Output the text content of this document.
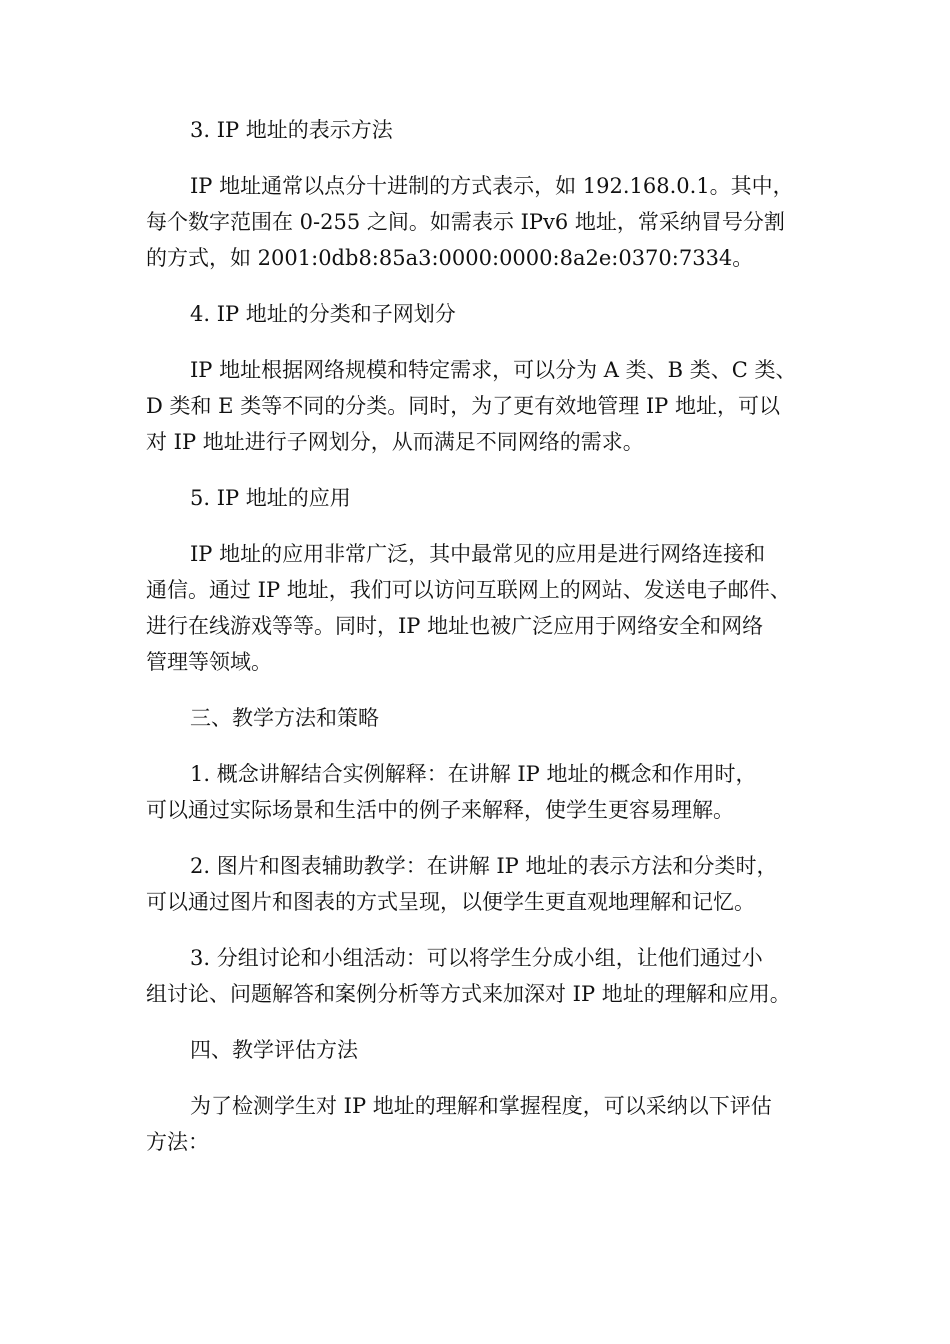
3. IP 地址的表示方法
IP 地址通常以点分十进制的方式表示，如 192.168.0.1。其中，
每个数字范围在 0-255 之间。如需表示 IPv6 地址，常采纳冒号分割
的方式，如 2001:0db8:85a3:0000:0000:8a2e:0370:7334。
4. IP 地址的分类和子网划分
IP 地址根据网络规模和特定需求，可以分为 A 类、B 类、C 类、
D 类和 E 类等不同的分类。同时，为了更有效地管理 IP 地址，可以
对 IP 地址进行子网划分，从而满足不同网络的需求。
5. IP 地址的应用
IP 地址的应用非常广泛，其中最常见的应用是进行网络连接和
通信。通过 IP 地址，我们可以访问互联网上的网站、发送电子邮件、
进行在线游戏等等。同时，IP 地址也被广泛应用于网络安全和网络
管理等领域。
三、教学方法和策略
1. 概念讲解结合实例解释：在讲解 IP 地址的概念和作用时，
可以通过实际场景和生活中的例子来解释，使学生更容易理解。
2. 图片和图表辅助教学：在讲解 IP 地址的表示方法和分类时，
可以通过图片和图表的方式呈现，以便学生更直观地理解和记忆。
3. 分组讨论和小组活动：可以将学生分成小组，让他们通过小
组讨论、问题解答和案例分析等方式来加深对 IP 地址的理解和应用。
四、教学评估方法
为了检测学生对 IP 地址的理解和掌握程度，可以采纳以下评估
方法：
